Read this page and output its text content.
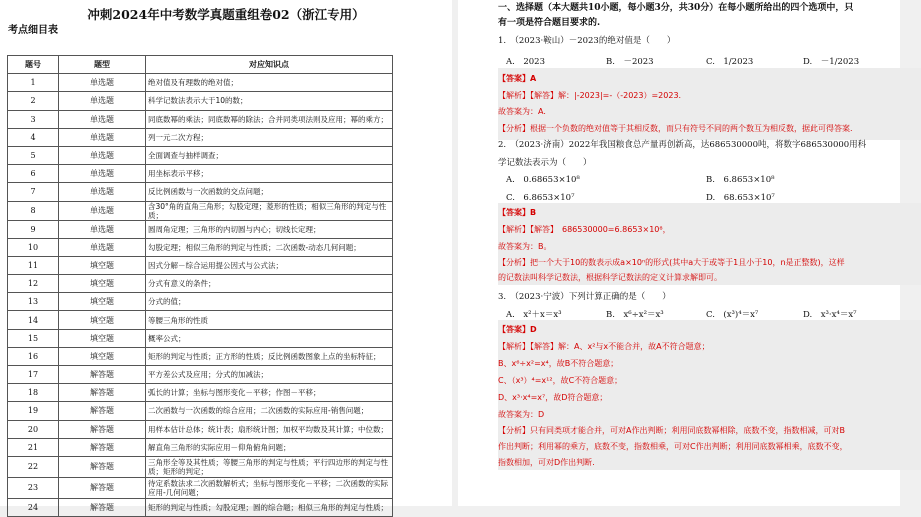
冲刺2024年中考数学真题重组卷02（浙江专用）
考点细目表
题号	题型	对应知识点
1	单选题	绝对值及有理数的绝对值；
2	单选题	科学记数法表示大于10的数；
3	单选题	同底数幂的乘法；同底数幂的除法；合并同类项法则及应用；幂的乘方；
4	单选题	列一元二次方程；
5	单选题	全面调查与抽样调查；
6	单选题	用坐标表示平移；
7	单选题	反比例函数与一次函数的交点问题；
8	单选题	含30°角的直角三角形；勾股定理；菱形的性质；相似三角形的判定与性质；
9	单选题	圆周角定理；三角形的内切圆与内心；切线长定理；
10	单选题	勾股定理；相似三角形的判定与性质；二次函数-动态几何问题；
11	填空题	因式分解－综合运用提公因式与公式法；
12	填空题	分式有意义的条件；
13	填空题	分式的值；
14	填空题	等腰三角形的性质
15	填空题	概率公式；
16	填空题	矩形的判定与性质；正方形的性质；反比例函数图象上点的坐标特征；
17	解答题	平方差公式及应用；分式的加减法；
18	解答题	弧长的计算；坐标与图形变化－平移；作图－平移；
19	解答题	二次函数与一次函数的综合应用；二次函数的实际应用-销售问题；
20	解答题	用样本估计总体；统计表；扇形统计图；加权平均数及其计算；中位数；
21	解答题	解直角三角形的实际应用－仰角俯角问题；
22	解答题	三角形全等及其性质；等腰三角形的判定与性质；平行四边形的判定与性质；矩形的判定；
23	解答题	待定系数法求二次函数解析式；坐标与图形变化－平移；二次函数的实际应用-几何问题；
24	解答题	矩形的判定与性质；勾股定理；圆的综合题；相似三角形的判定与性质；
一、选择题（本大题共10小题，每小题3分，共30分）在每小题所给出的四个选项中，只
有一项是符合题目要求的.
1.　（2023·鞍山）－2023的绝对值是（　　）
A.　2023	B.　－2023	C.　1/2023	D.　－1/2023
【答案】A
【解析】【解答】解：|-2023|=-（-2023）=2023.
故答案为：A.
【分析】根据一个负数的绝对值等于其相反数，而只有符号不同的两个数互为相反数，据此可得答案.
2.　（2023·济南）2022年我国粮食总产量再创新高，达686530000吨，将数字686530000用科
学记数法表示为（　　）
A.　0.68653×10⁸	B.　6.8653×10⁸
C.　6.8653×10⁷	D.　68.653×10⁷
【答案】B
【解析】【解答】　686530000=6.8653×10⁸，
故答案为：B。
【分析】把一个大于10的数表示成a×10ⁿ的形式(其中a大于或等于1且小于10，n是正整数)，这样
的记数法叫科学记数法，根据科学记数法的定义计算求解即可。
3.　（2023·宁波）下列计算正确的是（　　）
A.　x²＋x＝x³	B.　x⁶÷x²＝x³	C.　(x³)⁴＝x⁷	D.　x³·x⁴＝x⁷
【答案】D
【解析】【解答】解：A、x²与x不能合并，故A不符合题意；
B、x⁶÷x²=x⁴，故B不符合题意；
C、（x³）⁴=x¹²，故C不符合题意；
D、x³·x⁴=x⁷，故D符合题意；
故答案为：D
【分析】只有同类项才能合并，可对A作出判断；利用同底数幂相除，底数不变，指数相减，可对B
作出判断；利用幂的乘方，底数不变，指数相乘，可对C作出判断；利用同底数幂相乘，底数不变，
指数相加，可对D作出判断.
